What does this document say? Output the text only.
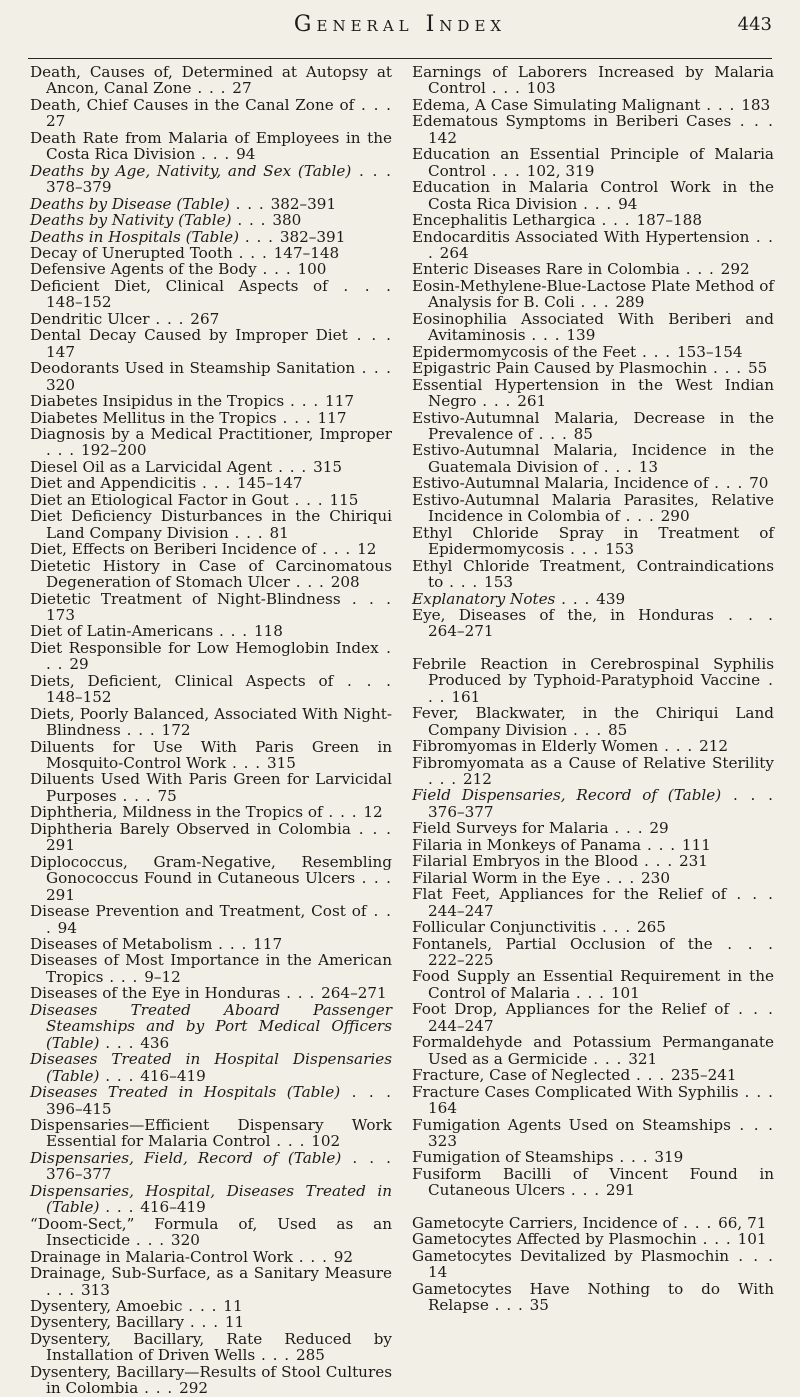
General Index	443
Death, Causes of, Determined at Autopsy at Ancon, Canal Zone . . . 27
Death, Chief Causes in the Canal Zone of . . . 27
Death Rate from Malaria of Employees in the Costa Rica Division . . . 94
Deaths by Age, Nativity, and Sex (Table) . . . 378–379
Deaths by Disease (Table) . . . 382–391
Deaths by Nativity (Table) . . . 380
Deaths in Hospitals (Table) . . . 382–391
Decay of Unerupted Tooth . . . 147–148
Defensive Agents of the Body . . . 100
Deficient Diet, Clinical Aspects of . . . 148–152
Dendritic Ulcer . . . 267
Dental Decay Caused by Improper Diet . . . 147
Deodorants Used in Steamship Sanitation . . . 320
Diabetes Insipidus in the Tropics . . . 117
Diabetes Mellitus in the Tropics . . . 117
Diagnosis by a Medical Practitioner, Improper . . . 192–200
Diesel Oil as a Larvicidal Agent . . . 315
Diet and Appendicitis . . . 145–147
Diet an Etiological Factor in Gout . . . 115
Diet Deficiency Disturbances in the Chiriqui Land Company Division . . . 81
Diet, Effects on Beriberi Incidence of . . . 12
Dietetic History in Case of Carcinomatous Degeneration of Stomach Ulcer . . . 208
Dietetic Treatment of Night-Blindness . . . 173
Diet of Latin-Americans . . . 118
Diet Responsible for Low Hemoglobin Index . . . 29
Diets, Deficient, Clinical Aspects of . . . 148–152
Diets, Poorly Balanced, Associated With Night-Blindness . . . 172
Diluents for Use With Paris Green in Mosquito-Control Work . . . 315
Diluents Used With Paris Green for Larvicidal Purposes . . . 75
Diphtheria, Mildness in the Tropics of . . . 12
Diphtheria Barely Observed in Colombia . . . 291
Diplococcus, Gram-Negative, Resembling Gonococcus Found in Cutaneous Ulcers . . . 291
Disease Prevention and Treatment, Cost of . . . 94
Diseases of Metabolism . . . 117
Diseases of Most Importance in the American Tropics . . . 9–12
Diseases of the Eye in Honduras . . . 264–271
Diseases Treated Aboard Passenger Steamships and by Port Medical Officers (Table) . . . 436
Diseases Treated in Hospital Dispensaries (Table) . . . 416–419
Diseases Treated in Hospitals (Table) . . . 396–415
Dispensaries—Efficient Dispensary Work Essential for Malaria Control . . . 102
Dispensaries, Field, Record of (Table) . . . 376–377
Dispensaries, Hospital, Diseases Treated in (Table) . . . 416–419
“Doom-Sect,” Formula of, Used as an Insecticide . . . 320
Drainage in Malaria-Control Work . . . 92
Drainage, Sub-Surface, as a Sanitary Measure . . . 313
Dysentery, Amoebic . . . 11
Dysentery, Bacillary . . . 11
Dysentery, Bacillary, Rate Reduced by Installation of Driven Wells . . . 285
Dysentery, Bacillary—Results of Stool Cultures in Colombia . . . 292
Earnings of Laborers Increased by Malaria Control . . . 103
Edema, A Case Simulating Malignant . . . 183
Edematous Symptoms in Beriberi Cases . . . 142
Education an Essential Principle of Malaria Control . . . 102, 319
Education in Malaria Control Work in the Costa Rica Division . . . 94
Encephalitis Lethargica . . . 187–188
Endocarditis Associated With Hypertension . . . 264
Enteric Diseases Rare in Colombia . . . 292
Eosin-Methylene-Blue-Lactose Plate Method of Analysis for B. Coli . . . 289
Eosinophilia Associated With Beriberi and Avitaminosis . . . 139
Epidermomycosis of the Feet . . . 153–154
Epigastric Pain Caused by Plasmochin . . . 55
Essential Hypertension in the West Indian Negro . . . 261
Estivo-Autumnal Malaria, Decrease in the Prevalence of . . . 85
Estivo-Autumnal Malaria, Incidence in the Guatemala Division of . . . 13
Estivo-Autumnal Malaria, Incidence of . . . 70
Estivo-Autumnal Malaria Parasites, Relative Incidence in Colombia of . . . 290
Ethyl Chloride Spray in Treatment of Epidermomycosis . . . 153
Ethyl Chloride Treatment, Contraindications to . . . 153
Explanatory Notes . . . 439
Eye, Diseases of the, in Honduras . . . 264–271
Febrile Reaction in Cerebrospinal Syphilis Produced by Typhoid-Paratyphoid Vaccine . . . 161
Fever, Blackwater, in the Chiriqui Land Company Division . . . 85
Fibromyomas in Elderly Women . . . 212
Fibromyomata as a Cause of Relative Sterility . . . 212
Field Dispensaries, Record of (Table) . . . 376–377
Field Surveys for Malaria . . . 29
Filaria in Monkeys of Panama . . . 111
Filarial Embryos in the Blood . . . 231
Filarial Worm in the Eye . . . 230
Flat Feet, Appliances for the Relief of . . . 244–247
Follicular Conjunctivitis . . . 265
Fontanels, Partial Occlusion of the . . . 222–225
Food Supply an Essential Requirement in the Control of Malaria . . . 101
Foot Drop, Appliances for the Relief of . . . 244–247
Formaldehyde and Potassium Permanganate Used as a Germicide . . . 321
Fracture, Case of Neglected . . . 235–241
Fracture Cases Complicated With Syphilis . . . 164
Fumigation Agents Used on Steamships . . . 323
Fumigation of Steamships . . . 319
Fusiform Bacilli of Vincent Found in Cutaneous Ulcers . . . 291
Gametocyte Carriers, Incidence of . . . 66, 71
Gametocytes Affected by Plasmochin . . . 101
Gametocytes Devitalized by Plasmochin . . . 14
Gametocytes Have Nothing to do With Relapse . . . 35
